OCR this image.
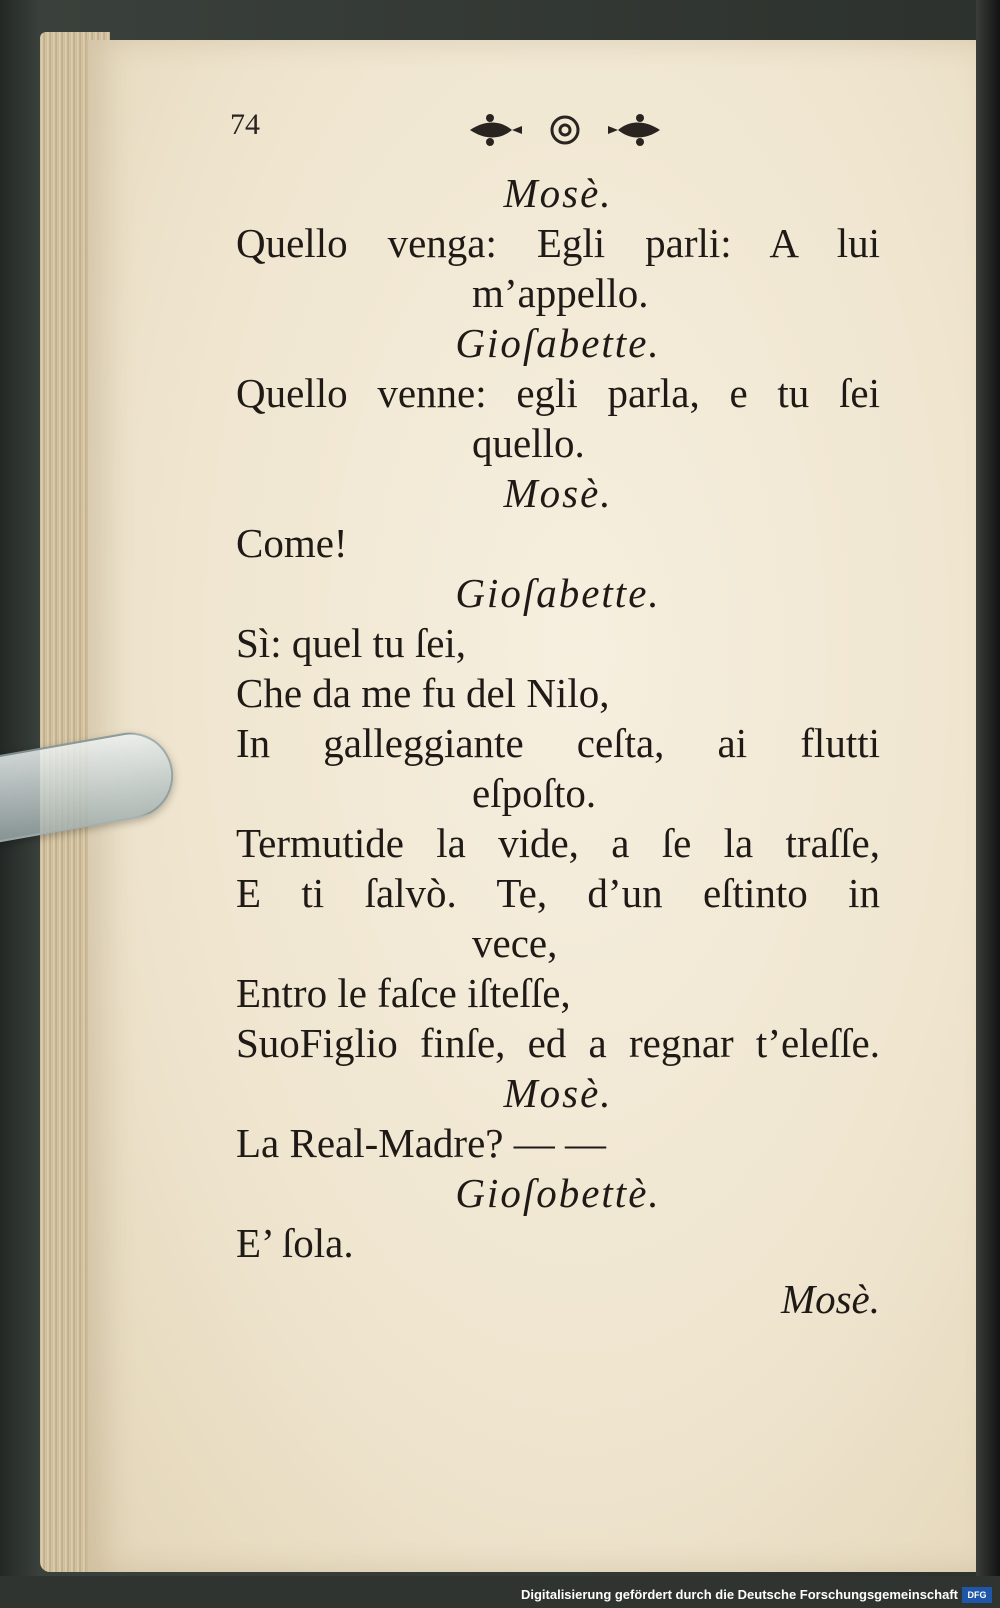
74
Mosè.
Quello venga: Egli parli: A lui
m’appello.
Gioſabette.
Quello venne: egli parla, e tu ſei
quello.
Mosè.
Come!
Gioſabette.
Sì: quel tu ſei,
Che da me fu del Nilo,
In galleggiante ceſta, ai flutti
eſpoſto.
Termutide la vide, a ſe la traſſe,
E ti ſalvò. Te, d’un eſtinto in
vece,
Entro le faſce iſteſſe,
SuoFiglio finſe, ed a regnar t’eleſſe.
Mosè.
La Real-Madre? — —
Gioſobettè.
E’ ſola.
Mosè.
Digitalisierung gefördert durch die Deutsche Forschungsgemeinschaft	DFG
